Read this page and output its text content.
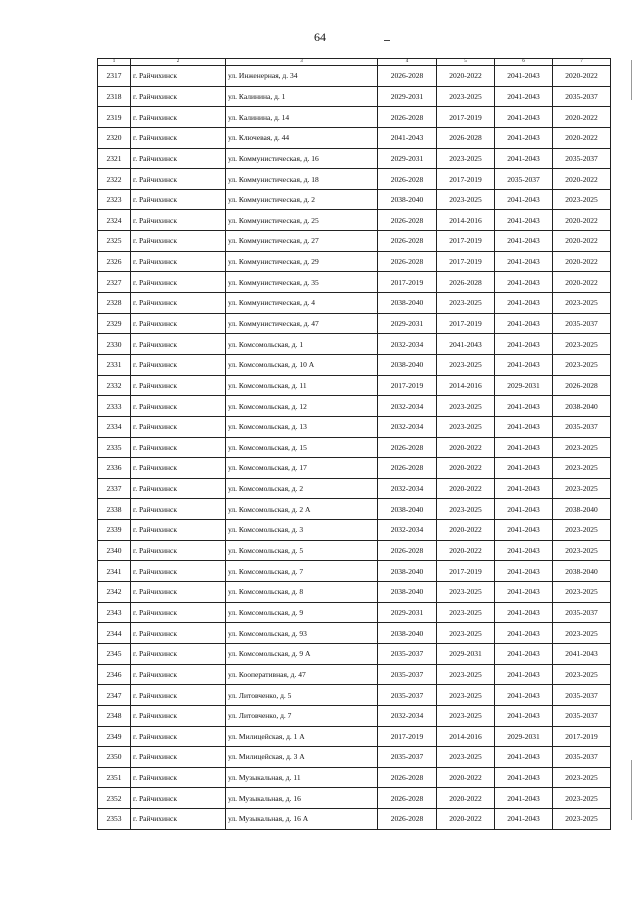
64
1	2	3	4	5	6	7
2317	г. Райчихинск	ул. Инженерная, д. 34	2026-2028	2020-2022	2041-2043	2020-2022
2318	г. Райчихинск	ул. Калинина, д. 1	2029-2031	2023-2025	2041-2043	2035-2037
2319	г. Райчихинск	ул. Калинина, д. 14	2026-2028	2017-2019	2041-2043	2020-2022
2320	г. Райчихинск	ул. Ключевая, д. 44	2041-2043	2026-2028	2041-2043	2020-2022
2321	г. Райчихинск	ул. Коммунистическая, д. 16	2029-2031	2023-2025	2041-2043	2035-2037
2322	г. Райчихинск	ул. Коммунистическая, д. 18	2026-2028	2017-2019	2035-2037	2020-2022
2323	г. Райчихинск	ул. Коммунистическая, д. 2	2038-2040	2023-2025	2041-2043	2023-2025
2324	г. Райчихинск	ул. Коммунистическая, д. 25	2026-2028	2014-2016	2041-2043	2020-2022
2325	г. Райчихинск	ул. Коммунистическая, д. 27	2026-2028	2017-2019	2041-2043	2020-2022
2326	г. Райчихинск	ул. Коммунистическая, д. 29	2026-2028	2017-2019	2041-2043	2020-2022
2327	г. Райчихинск	ул. Коммунистическая, д. 35	2017-2019	2026-2028	2041-2043	2020-2022
2328	г. Райчихинск	ул. Коммунистическая, д. 4	2038-2040	2023-2025	2041-2043	2023-2025
2329	г. Райчихинск	ул. Коммунистическая, д. 47	2029-2031	2017-2019	2041-2043	2035-2037
2330	г. Райчихинск	ул. Комсомольская, д. 1	2032-2034	2041-2043	2041-2043	2023-2025
2331	г. Райчихинск	ул. Комсомольская, д. 10 А	2038-2040	2023-2025	2041-2043	2023-2025
2332	г. Райчихинск	ул. Комсомольская, д. 11	2017-2019	2014-2016	2029-2031	2026-2028
2333	г. Райчихинск	ул. Комсомольская, д. 12	2032-2034	2023-2025	2041-2043	2038-2040
2334	г. Райчихинск	ул. Комсомольская, д. 13	2032-2034	2023-2025	2041-2043	2035-2037
2335	г. Райчихинск	ул. Комсомольская, д. 15	2026-2028	2020-2022	2041-2043	2023-2025
2336	г. Райчихинск	ул. Комсомольская, д. 17	2026-2028	2020-2022	2041-2043	2023-2025
2337	г. Райчихинск	ул. Комсомольская, д. 2	2032-2034	2020-2022	2041-2043	2023-2025
2338	г. Райчихинск	ул. Комсомольская, д. 2 А	2038-2040	2023-2025	2041-2043	2038-2040
2339	г. Райчихинск	ул. Комсомольская, д. 3	2032-2034	2020-2022	2041-2043	2023-2025
2340	г. Райчихинск	ул. Комсомольская, д. 5	2026-2028	2020-2022	2041-2043	2023-2025
2341	г. Райчихинск	ул. Комсомольская, д. 7	2038-2040	2017-2019	2041-2043	2038-2040
2342	г. Райчихинск	ул. Комсомольская, д. 8	2038-2040	2023-2025	2041-2043	2023-2025
2343	г. Райчихинск	ул. Комсомольская, д. 9	2029-2031	2023-2025	2041-2043	2035-2037
2344	г. Райчихинск	ул. Комсомольская, д. 93	2038-2040	2023-2025	2041-2043	2023-2025
2345	г. Райчихинск	ул. Комсомольская, д. 9 А	2035-2037	2029-2031	2041-2043	2041-2043
2346	г. Райчихинск	ул. Кооперативная, д. 47	2035-2037	2023-2025	2041-2043	2023-2025
2347	г. Райчихинск	ул. Литовченко, д. 5	2035-2037	2023-2025	2041-2043	2035-2037
2348	г. Райчихинск	ул. Литовченко, д. 7	2032-2034	2023-2025	2041-2043	2035-2037
2349	г. Райчихинск	ул. Милицейская, д. 1 А	2017-2019	2014-2016	2029-2031	2017-2019
2350	г. Райчихинск	ул. Милицейская, д. 3 А	2035-2037	2023-2025	2041-2043	2035-2037
2351	г. Райчихинск	ул. Музыкальная, д. 11	2026-2028	2020-2022	2041-2043	2023-2025
2352	г. Райчихинск	ул. Музыкальная, д. 16	2026-2028	2020-2022	2041-2043	2023-2025
2353	г. Райчихинск	ул. Музыкальная, д. 16 А	2026-2028	2020-2022	2041-2043	2023-2025
